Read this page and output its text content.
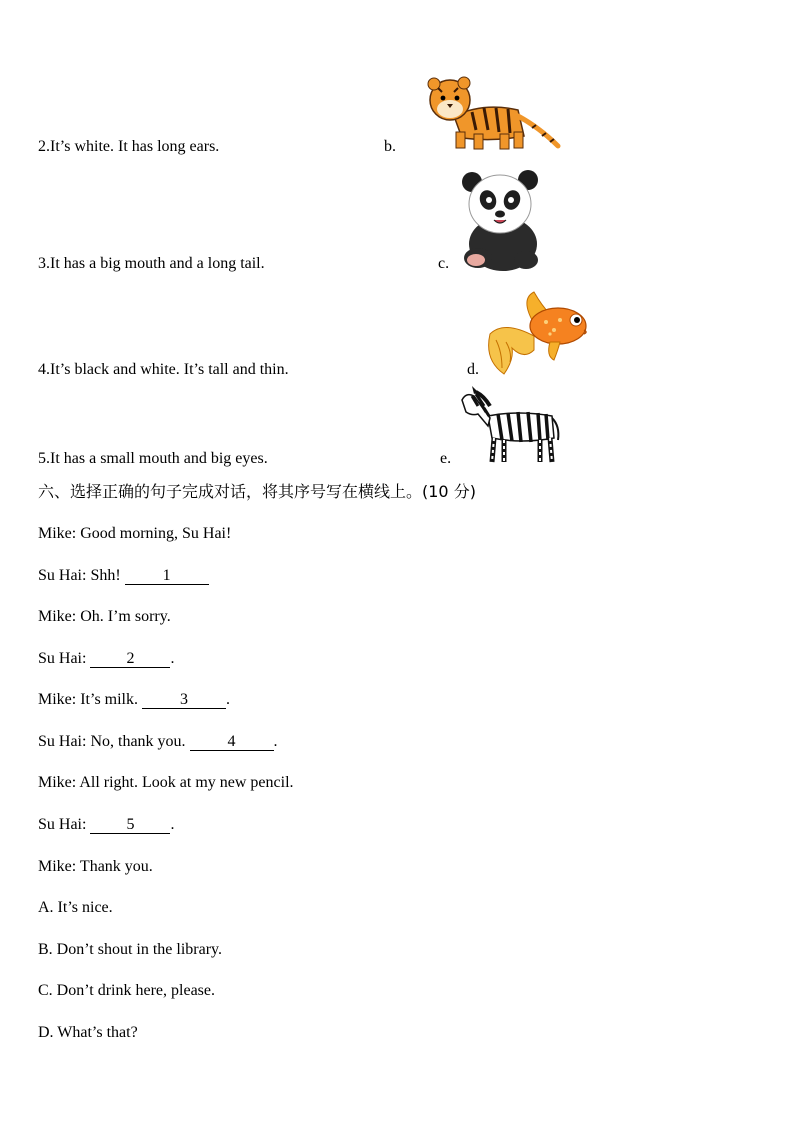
2.It’s white. It has long ears.	b.
3.It has a big mouth and a long tail.	c.
4.It’s black and white. It’s tall and thin.	d.
5.It has a small mouth and big eyes.	e.
六、选择正确的句子完成对话，将其序号写在横线上。(10 分)
Mike: Good morning, Su Hai!
Su Hai: Shh!	1
Mike: Oh. I’m sorry.
Su Hai:	2 .
Mike: It’s milk.	3 .
Su Hai: No, thank you.	4 .
Mike: All right. Look at my new pencil.
Su Hai:	5 .
Mike: Thank you.
A. It’s nice.
B. Don’t shout in the library.
C. Don’t drink here, please.
D. What’s that?
